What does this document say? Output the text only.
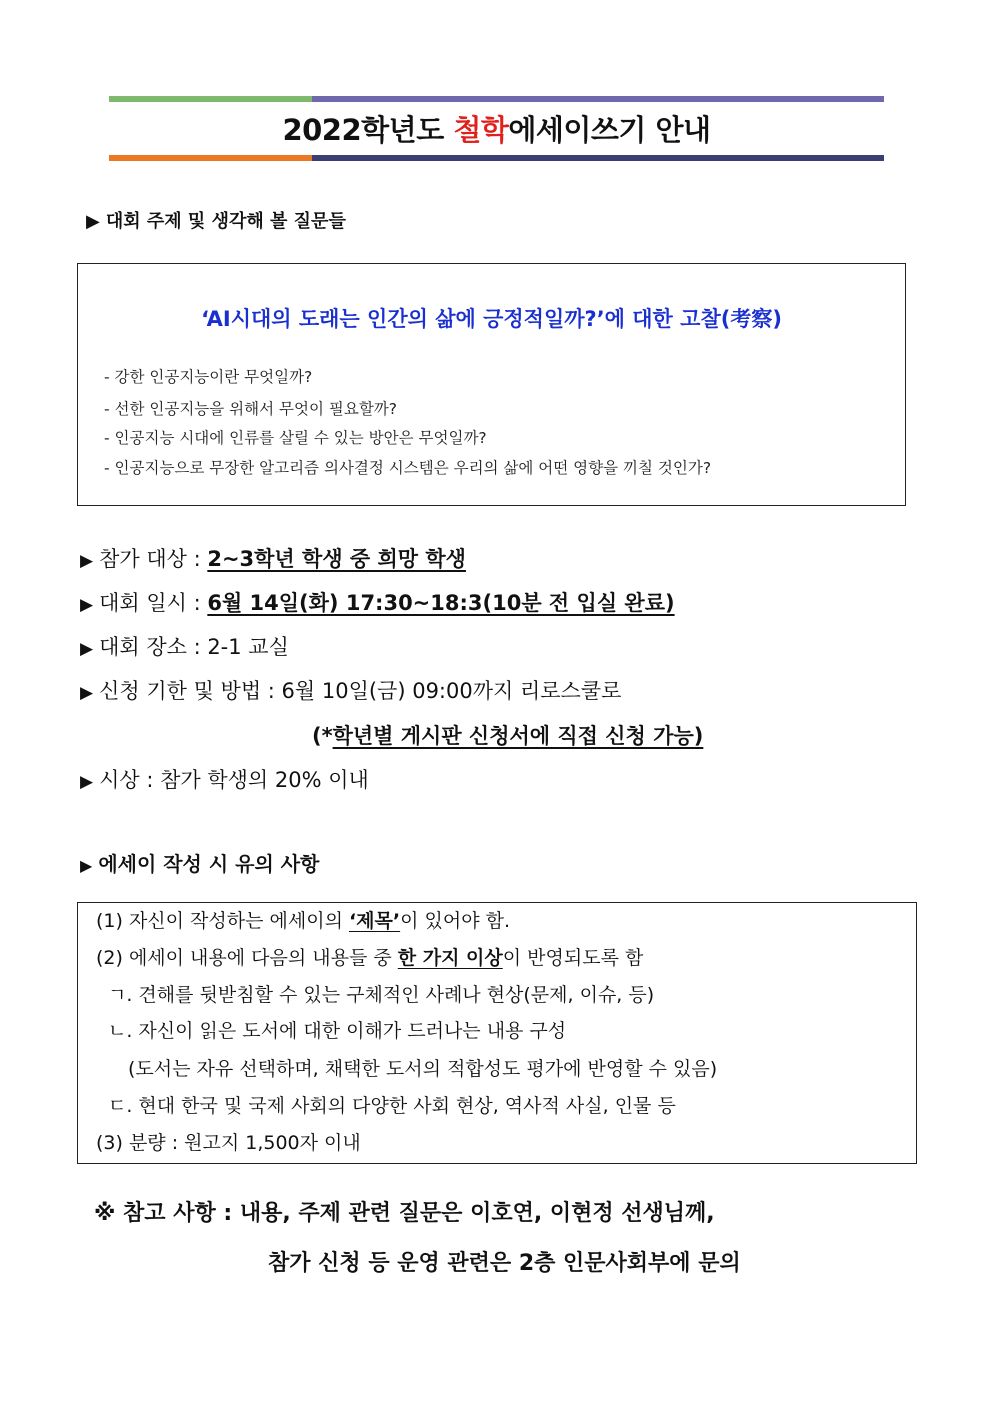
2022학년도 철학에세이쓰기 안내
▶ 대회 주제 및 생각해 볼 질문들
‘AI시대의 도래는 인간의 삶에 긍정적일까?’에 대한 고찰(考察)
- 강한 인공지능이란 무엇일까?
- 선한 인공지능을 위해서 무엇이 필요할까?
- 인공지능 시대에 인류를 살릴 수 있는 방안은 무엇일까?
- 인공지능으로 무장한 알고리즘 의사결정 시스템은 우리의 삶에 어떤 영향을 끼칠 것인가?
▶ 참가 대상 : 2~3학년 학생 중 희망 학생
▶ 대회 일시 : 6월 14일(화) 17:30~18:3(10분 전 입실 완료)
▶ 대회 장소 : 2-1 교실
▶ 신청 기한 및 방법 : 6월 10일(금) 09:00까지 리로스쿨로
(*학년별 게시판 신청서에 직접 신청 가능)
▶ 시상 : 참가 학생의 20% 이내
▶ 에세이 작성 시 유의 사항
(1) 자신이 작성하는 에세이의 ‘제목’이 있어야 함.
(2) 에세이 내용에 다음의 내용들 중 한 가지 이상이 반영되도록 함
ㄱ. 견해를 뒷받침할 수 있는 구체적인 사례나 현상(문제, 이슈, 등)
ㄴ. 자신이 읽은 도서에 대한 이해가 드러나는 내용 구성
(도서는 자유 선택하며, 채택한 도서의 적합성도 평가에 반영할 수 있음)
ㄷ. 현대 한국 및 국제 사회의 다양한 사회 현상, 역사적 사실, 인물 등
(3) 분량 : 원고지 1,500자 이내
※ 참고 사항 : 내용, 주제 관련 질문은 이호연, 이현정 선생님께,
참가 신청 등 운영 관련은 2층 인문사회부에 문의
